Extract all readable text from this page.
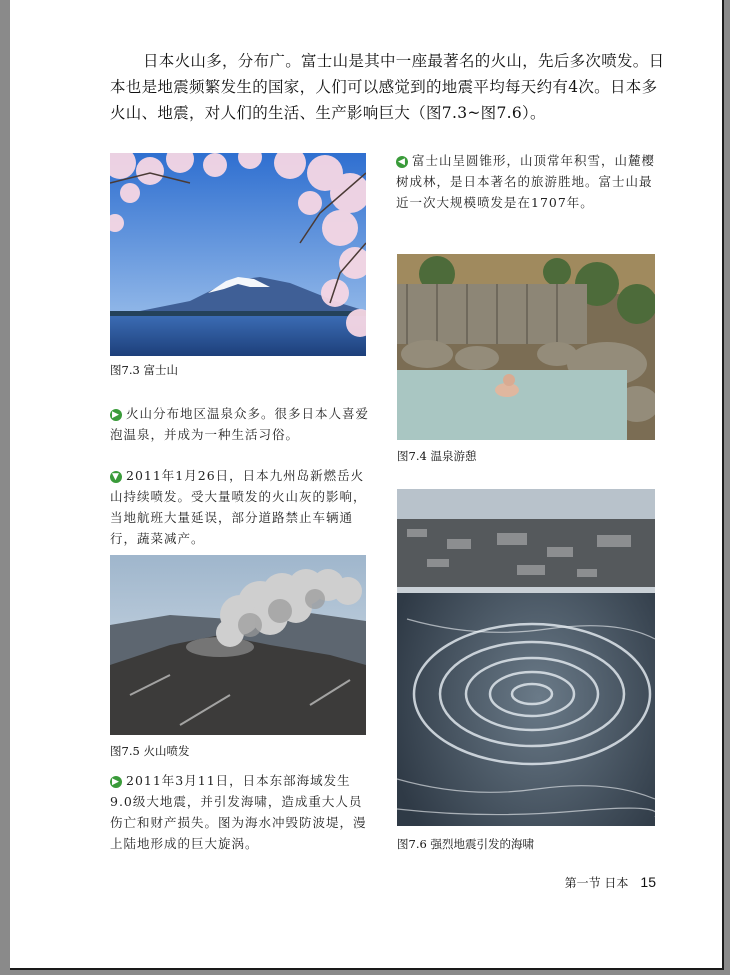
日本火山多，分布广。富士山是其中一座最著名的火山，先后多次喷发。日本也是地震频繁发生的国家，人们可以感觉到的地震平均每天约有4次。日本多火山、地震，对人们的生活、生产影响巨大（图7.3~图7.6）。

图7.3 富士山

◀ 富士山呈圆锥形，山顶常年积雪，山麓樱树成林，是日本著名的旅游胜地。富士山最近一次大规模喷发是在1707年。

▶ 火山分布地区温泉众多。很多日本人喜爱泡温泉，并成为一种生活习俗。

▼ 2011年1月26日，日本九州岛新燃岳火山持续喷发。受大量喷发的火山灰的影响，当地航班大量延误，部分道路禁止车辆通行，蔬菜减产。

图7.5 火山喷发

▶ 2011年3月11日，日本东部海域发生9.0级大地震，并引发海啸，造成重大人员伤亡和财产损失。图为海水冲毁防波堤，漫上陆地形成的巨大旋涡。

图7.4 温泉游憩
图7.6 强烈地震引发的海啸
第一节 日本 15
